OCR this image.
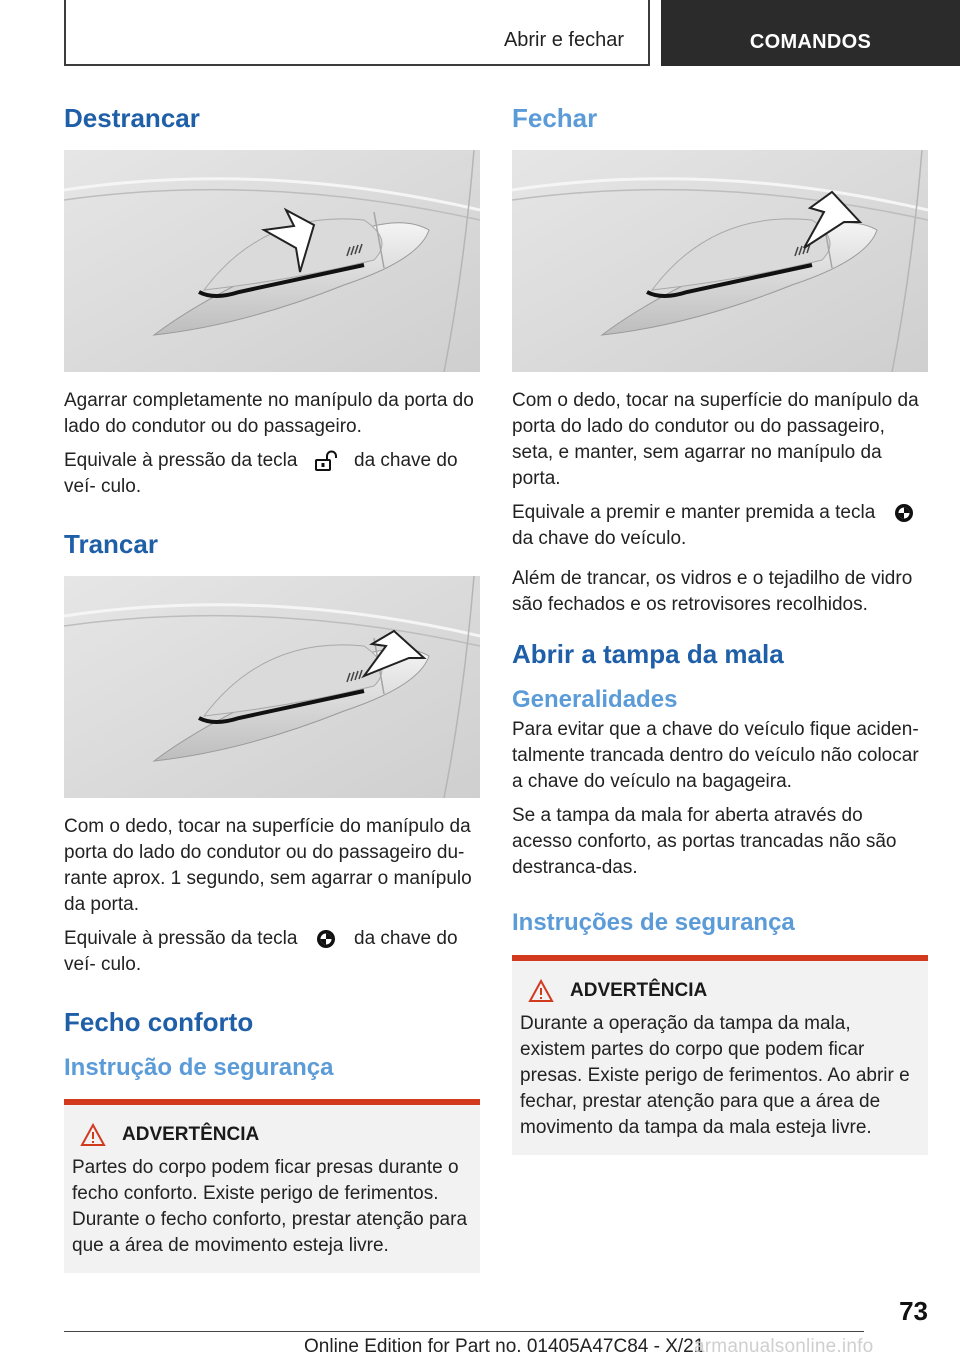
Abrir e fechar	COMANDOS
Destrancar

Agarrar completamente no manípulo da porta do lado do condutor ou do passageiro.

Equivale à pressão da tecla	da chave do veí‐ culo.

Trancar

Com o dedo, tocar na superfície do manípulo da porta do lado do condutor ou do passageiro du‐rante aprox. 1 segundo, sem agarrar o manípulo da porta.

Equivale à pressão da tecla	da chave do veí‐ culo.

Fecho conforto
Instrução de segurança
ADVERTÊNCIA

Partes do corpo podem ficar presas durante o fecho conforto. Existe perigo de ferimentos. Durante o fecho conforto, prestar atenção para que a área de movimento esteja livre.

Fechar

Com o dedo, tocar na superfície do manípulo da porta do lado do condutor ou do passageiro, seta, e manter, sem agarrar no manípulo da porta.

Equivale a premir e manter premida a tecla
da chave do veículo.

Além de trancar, os vidros e o tejadilho de vidro são fechados e os retrovisores recolhidos.

Abrir a tampa da mala
Generalidades

Para evitar que a chave do veículo fique aciden‐talmente trancada dentro do veículo não colocar a chave do veículo na bagageira.

Se a tampa da mala for aberta através do acesso conforto, as portas trancadas não são destranca‐das.

Instruções de segurança
ADVERTÊNCIA

Durante a operação da tampa da mala, existem partes do corpo que podem ficar presas. Existe perigo de ferimentos. Ao abrir e fechar, prestar atenção para que a área de movimento da tampa da mala esteja livre.

73
Online Edition for Part no. 01405A47C84 - X/21
armanualsonline.info
